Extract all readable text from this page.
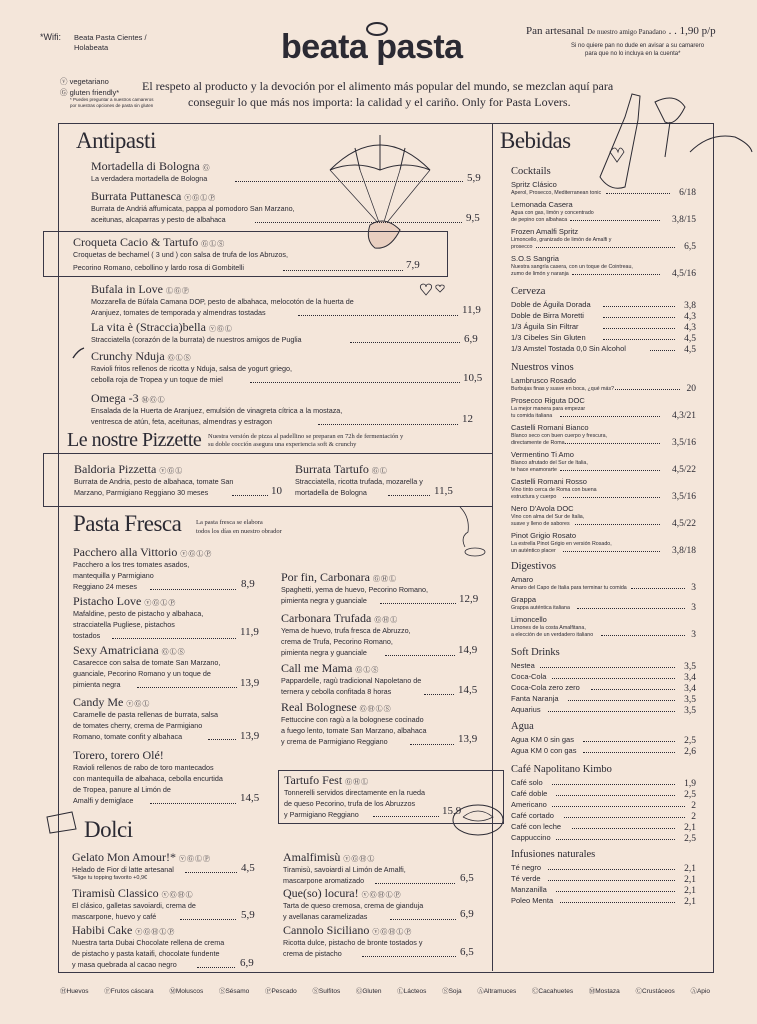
*Wifi: Beata Pasta Cientes / Holabeata	beata pasta	Pan artesanal De nuestro amigo Panadano . . 1,90 p/p
Si no quiere pan no dude en avisar a su camarero
para que no lo incluya en la cuenta*
ⓥ vegetariano
Ⓖ gluten friendly*
* Puedes preguntar a nuestros camareros
por nuestras opciones de pasta sin gluten
El respeto al producto y la devoción por el alimento más popular del mundo, se mezclan aquí para
conseguir lo que más nos importa: la calidad y el cariño. Only for Pasta Lovers.
Antipasti
Mortadella di Bologna Ⓖ
La verdadera mortadella de Bologna	5,9
Burrata Puttanesca ⓥⒼⓁⓅ
Burrata de Andriá affumicata, pappa al pomodoro San Marzano,
aceitunas, alcaparras y pesto de albahaca	9,5
Croqueta Cacio & Tartufo ⒼⓁⓈ
Croquetas de bechamel ( 3 und ) con salsa de trufa de los Abruzos,
Pecorino Romano, cebollino y lardo rosa di Gombitelli	7,9
Bufala in Love ⓁⒼⓅ
Mozzarella de Búfala Camana DOP, pesto de albahaca, melocotón de la huerta de
Aranjuez, tomates de temporada y almendras tostadas	11,9
La vita è (Straccia)bella ⓥⒼⓁ
Stracciatella (corazón de la burrata) de nuestros amigos de Puglia	6,9
Crunchy Nduja ⒼⓁⓈ
Ravioli fritos rellenos de ricotta y Nduja, salsa de yogurt griego,
cebolla roja de Tropea y un toque de miel	10,5
Omega -3 ⓂⒼⓁ
Ensalada de la Huerta de Aranjuez, emulsión de vinagreta cítrica a la mostaza,
ventresca de atún, feta, aceitunas, almendras y estragon	12
Le nostre Pizzette Nuestra versión de pizza al padellino se preparan en 72h de fermentación y
su doble cocción asegura una experiencia soft & crunchy
Baldoria Pizzetta ⓥⒼⓁ
Burrata de Andria, pesto de albahaca, tomate San
Marzano, Parmigiano Reggiano 30 meses	10
Burrata Tartufo ⒼⓁ
Stracciatella, ricotta trufada, mozarella y
mortadella de Bologna	11,5
Pasta Fresca La pasta fresca se elabora
todos los días en nuestro obrador
Pacchero alla Vittorio ⓥⒼⓁⓅ
Pacchero a los tres tomates asados,
mantequilla y Parmigiano
Reggiano 24 meses	8,9
Pistacho Love ⓥⒼⓁⓅ
Mafaldine, pesto de pistacho y albahaca,
stracciatella Pugliese, pistachos
tostados	11,9
Sexy Amatriciana ⒼⓁⓈ
Casarecce con salsa de tomate San Marzano,
guanciale, Pecorino Romano y un toque de
pimienta negra	13,9
Candy Me ⓥⒼⓁ
Caramelle de pasta rellenas de burrata, salsa
de tomates cherry, crema de Parmigiano
Romano, tomate confit y albahaca	13,9
Torero, torero Olé!
Ravioli rellenos de rabo de toro mantecados
con mantequilla de albahaca, cebolla encurtida
de Tropea, panure al Limón de
Amalfi y demiglace	14,5
Por fin, Carbonara ⒼⒽⓁ
Spaghetti, yema de huevo, Pecorino Romano,
pimienta negra y guanciale	12,9
Carbonara Trufada ⒼⒽⓁ
Yema de huevo, trufa fresca de Abruzzo,
crema de Trufa, Pecorino Romano,
pimienta negra y guanciale	14,9
Call me Mama ⒼⓁⓈ
Pappardelle, ragù tradicional Napoletano de
ternera y cebolla confitada 8 horas	14,5
Real Bolognese ⒼⒽⓁⓈ
Fettuccine con ragù a la bolognese cocinado
a fuego lento, tomate San Marzano, albahaca
y crema de Parmigiano Reggiano	13,9
Tartufo Fest ⒼⒽⓁ
Tonnerelli servidos directamente en la rueda
de queso Pecorino, trufa de los Abruzzos
y Parmigiano Reggiano	15,9
Dolci
Gelato Mon Amour!* ⓥⒼⓁⓅ
Helado de Fior di latte artesanal
*Elige tu topping favorito +0,9€
4,5
Tiramisù Classico ⓥⒼⒽⓁ
El clásico, galletas savoiardi, crema de
mascarpone, huevo y café	5,9
Habibi Cake ⓥⒼⒽⓁⓅ
Nuestra tarta Dubai Chocolate rellena de crema
de pistacho y pasta kataifi, chocolate fundente
y masa quebrada al cacao negro	6,9
Amalfimisù ⓥⒼⒽⓁ
Tiramisù, savoiardi al Limón de Amalfi,
mascarpone aromatizado	6,5
Que(so) locura! ⓥⒼⒽⓁⓅ
Tarta de queso cremosa, crema de gianduja
y avellanas caramelizadas	6,9
Cannolo Siciliano ⓥⒼⒽⓁⓅ
Ricotta dulce, pistacho de bronte tostados y
crema de pistacho	6,5
Bebidas
Cocktails
Spritz Clásico
Aperol, Prosecco, Mediterranean tonic	6/18
Lemonada Casera
Agua con gas, limón y concentrado
de pepino con albahaca	3,8/15
Frozen Amalfi Spritz
Limoncello, granizado de limón de Amalfi y
prosecco	6,5
S.O.S Sangria
Nuestra sangría casera, con un toque de Cointreau,
zumo de limón y naranja	4,5/16
Cerveza
Doble de Águila Dorada	3,8
Doble de Birra Moretti	4,3
1/3 Águila Sin Filtrar	4,3
1/3 Cibeles Sin Gluten	4,5
1/3 Amstel Tostada 0,0 Sin Alcohol	4,5
Nuestros vinos
Lambrusco Rosado
Burbujas finas y suave en boca, ¿qué más?	20
Prosecco Riguta DOC
La mejor manera para empezar
tu comida italiana	4,3/21
Castelli Romani Bianco
Blanco seco con buen cuerpo y frescura,
directamente de Roma	3,5/16
Vermentino Ti Amo
Blanco afrutado del Sur de Italia,
te hace enamorarte	4,5/22
Castelli Romani Rosso
Vino tinto cerca de Roma con buena
estructura y cuerpo	3,5/16
Nero D'Avola DOC
Vino con alma del Sur de Italia,
suave y lleno de sabores	4,5/22
Pinot Grigio Rosato
La estrella Pinot Grigio en versión Rosado,
un auténtico placer	3,8/18
Digestivos
Amaro
Amaro del Capo de Italia para terminar tu comida	3
Grappa
Grappa auténtica italiana	3
Limoncello
Limones de la costa Amalfitana,
a elección de un verdadero italiano	3
Soft Drinks
Nestea	3,5
Coca-Cola	3,4
Coca-Cola zero zero	3,4
Fanta Naranja	3,5
Aquarius	3,5
Agua
Agua KM 0 sin gas	2,5
Agua KM 0 con gas	2,6
Café Napolitano Kimbo
Café solo	1,9
Café doble	2,5
Americano	2
Café cortado	2
Café con leche	2,1
Cappuccino	2,5
Infusiones naturales
Té negro	2,1
Té verde	2,1
Manzanilla	2,1
Poleo Menta	2,1
ⒽHuevos ⒻFrutos cáscara ⓂMoluscos ⓈSésamo ⓅPescado ⓈSulfitos ⒼGluten ⓁLácteos ⓈSoja ⒶAltramuces ⒸCacahuetes ⓂMostaza ⒸCrustáceos ⒶApio
